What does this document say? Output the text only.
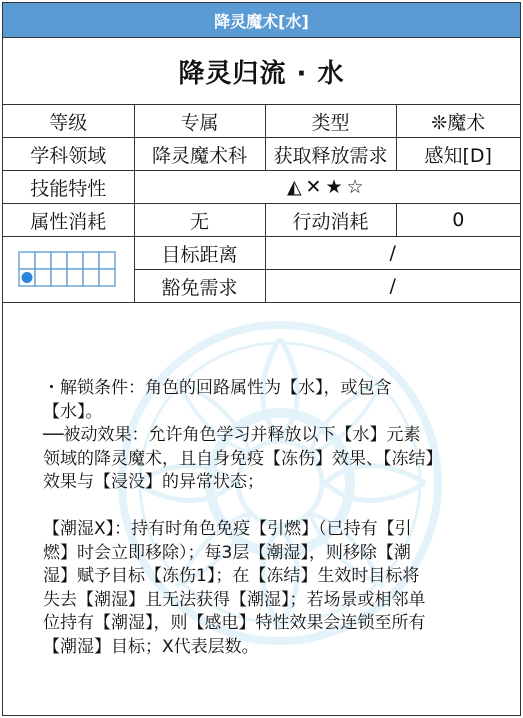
降灵魔术[水]
降灵归流 · 水
等级	专属	类型	❊魔术
学科领域	降灵魔术科	获取释放需求	感知[D]
技能特性	◭✕★☆		
属性消耗	无	行动消耗	0
	目标距离	/	
	豁免需求	/	

・解锁条件：角色的回路属性为【水】，或包含

【水】。

──被动效果：允许角色学习并释放以下【水】元素

领域的降灵魔术，且自身免疫【冻伤】效果、【冻结】

效果与【浸没】的异常状态；

【潮湿X】：持有时角色免疫【引燃】（已持有【引

燃】时会立即移除）；每3层【潮湿】，则移除【潮

湿】赋予目标【冻伤1】；在【冻结】生效时目标将

失去【潮湿】且无法获得【潮湿】；若场景或相邻单

位持有【潮湿】，则【感电】特性效果会连锁至所有

【潮湿】目标；X代表层数。
